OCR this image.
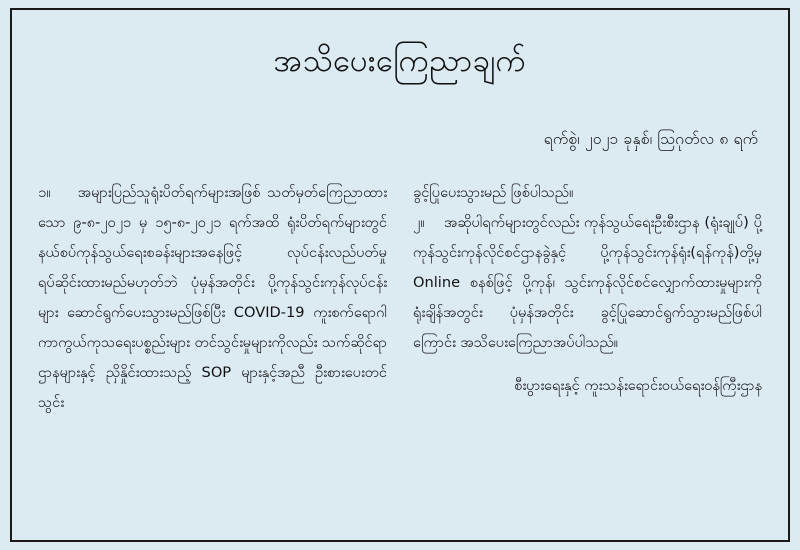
အသိပေးကြေညာချက်
ရက်စွဲ၊ ၂၀၂၁ ခုနှစ်၊ သြဂုတ်လ ၈ ရက်

၁။    အများပြည်သူရုံးပိတ်ရက်များအဖြစ် သတ်မှတ်ကြေညာထားသော ၉-၈-၂၀၂၁ မှ ၁၅-၈-၂၀၂၁ ရက်အထိ ရုံးပိတ်ရက်များတွင် နယ်စပ်ကုန်သွယ်ရေးစခန်းများအနေဖြင့်    လုပ်ငန်းလည်ပတ်မှု ရပ်ဆိုင်းထားမည်မဟုတ်ဘဲ ပုံမှန်အတိုင်း ပို့ကုန်သွင်းကုန်လုပ်ငန်းများ ဆောင်ရွက်ပေးသွားမည်ဖြစ်ပြီး COVID-19 ကူးစက်ရောဂါ ကာကွယ်ကုသရေးပစ္စည်းများ တင်သွင်းမှုများကိုလည်း သက်ဆိုင်ရာ ဌာနများနှင့် ညှိနှိုင်းထားသည့် SOP များနှင့်အညီ ဦးစားပေးတင်သွင်း

ခွင့်ပြုပေးသွားမည် ဖြစ်ပါသည်။

၂။    အဆိုပါရက်များတွင်လည်း ကုန်သွယ်ရေးဦးစီးဌာန (ရုံးချုပ်) ပို့ကုန်သွင်းကုန်လိုင်စင်ဌာနခွဲနှင့် ပို့ကုန်သွင်းကုန်ရုံး(ရန်ကုန်)တို့မှ Online စနစ်ဖြင့် ပို့ကုန်၊ သွင်းကုန်လိုင်စင်လျှောက်ထားမှုများကို ရုံးချိန်အတွင်း    ပုံမှန်အတိုင်း    ခွင့်ပြုဆောင်ရွက်သွားမည်ဖြစ်ပါကြောင်း အသိပေးကြေညာအပ်ပါသည်။

စီးပွားရေးနှင့် ကူးသန်းရောင်းဝယ်ရေးဝန်ကြီးဌာန
